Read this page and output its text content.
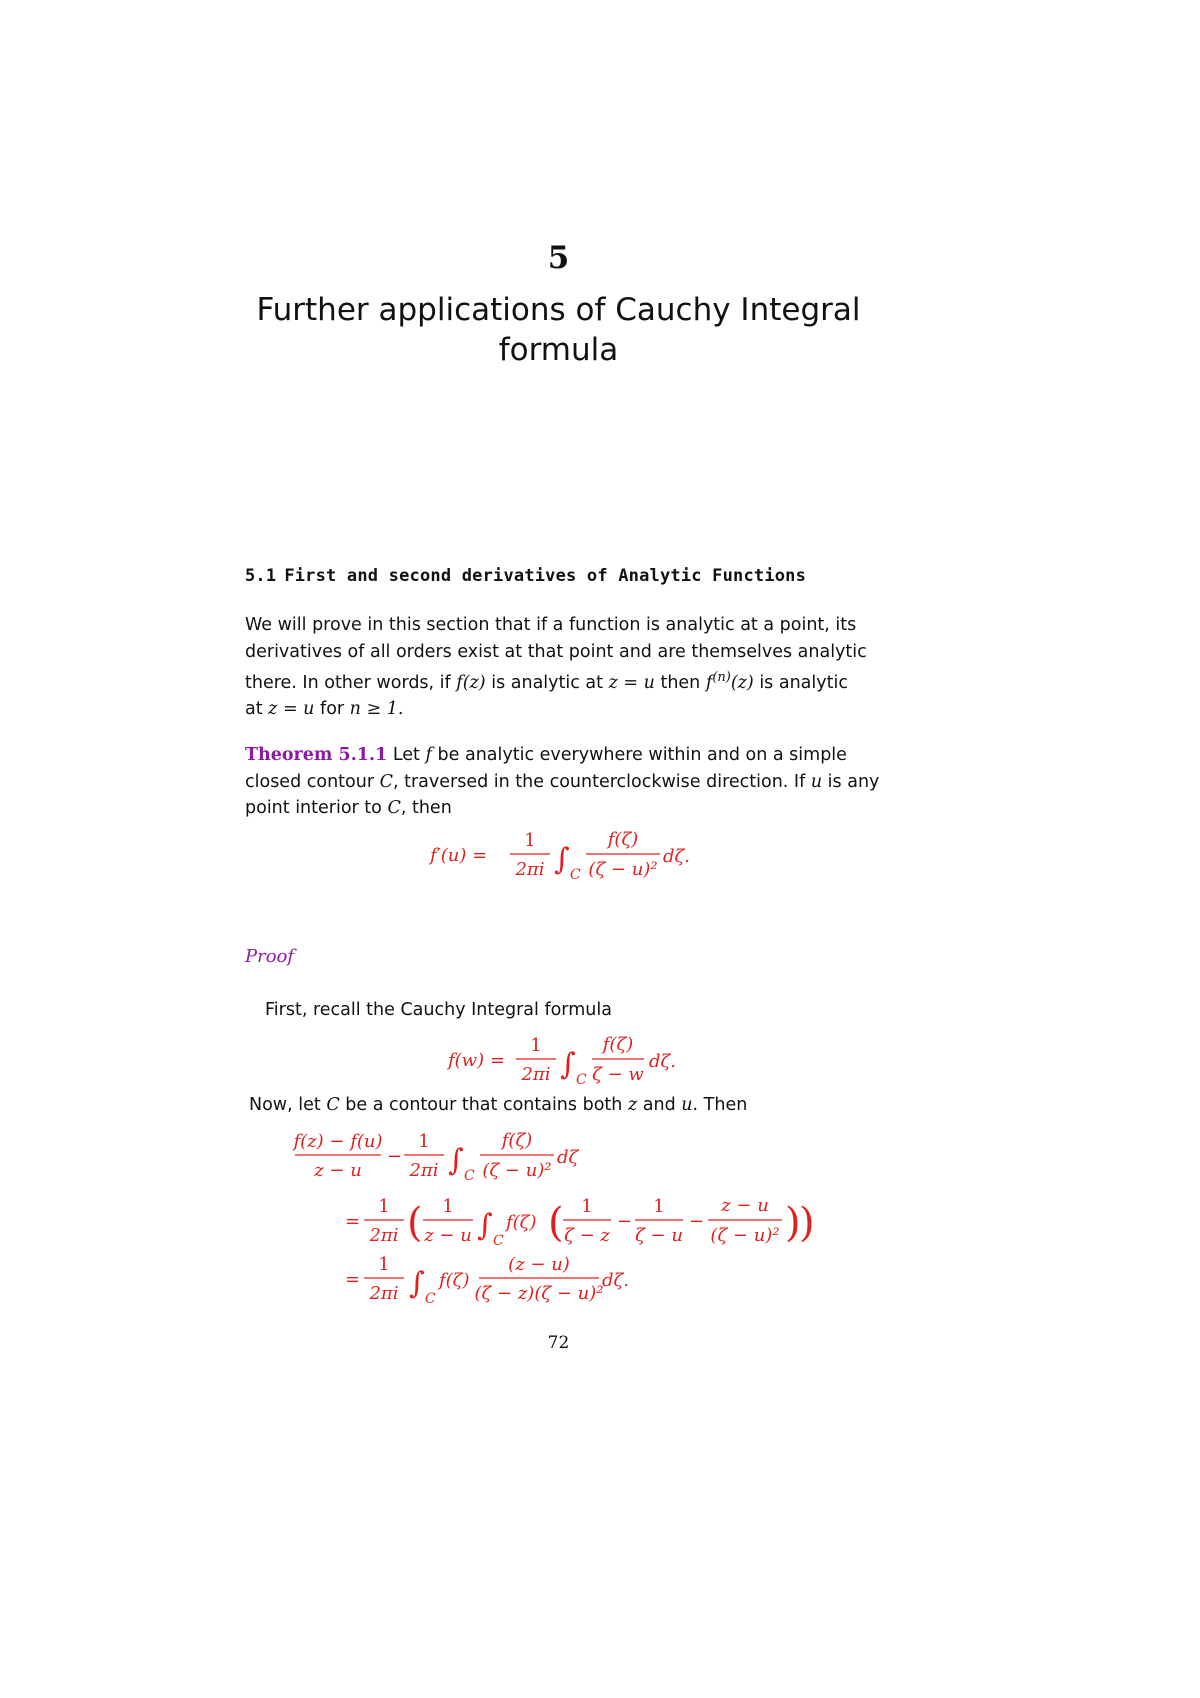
5
Further applications of Cauchy Integral
formula
5.1 First and second derivatives of Analytic Functions
We will prove in this section that if a function is analytic at a point, its
derivatives of all orders exist at that point and are themselves analytic
there. In other words, if f(z) is analytic at z = u then $f^{(n)}(z)$ is analytic
at z = u for n ≥ 1.
Theorem 5.1.1 Let f be analytic everywhere within and on a simple
closed contour C, traversed in the counterclockwise direction. If u is any
point interior to C, then
f′(u) =
1
2πi ∫ C
f(ζ)
(ζ − u)²
dζ.
Proof
First, recall the Cauchy Integral formula
f(w) =
1
2πi ∫ C
f(ζ)
ζ − w
dζ.
Now, let C be a contour that contains both z and u. Then
f(z) − f(u)
z − u
−
1
2πi ∫ C
f(ζ)
(ζ − u)²
dζ
=
1
2πi ( 1
z − u ∫ C
f(ζ) ( 1
ζ − z
−
1
ζ − u
−
z − u
(ζ − u)² )
)
=
1
2πi ∫ C
f(ζ)
(z − u)
(ζ − z)(ζ − u)²
dζ.
72
